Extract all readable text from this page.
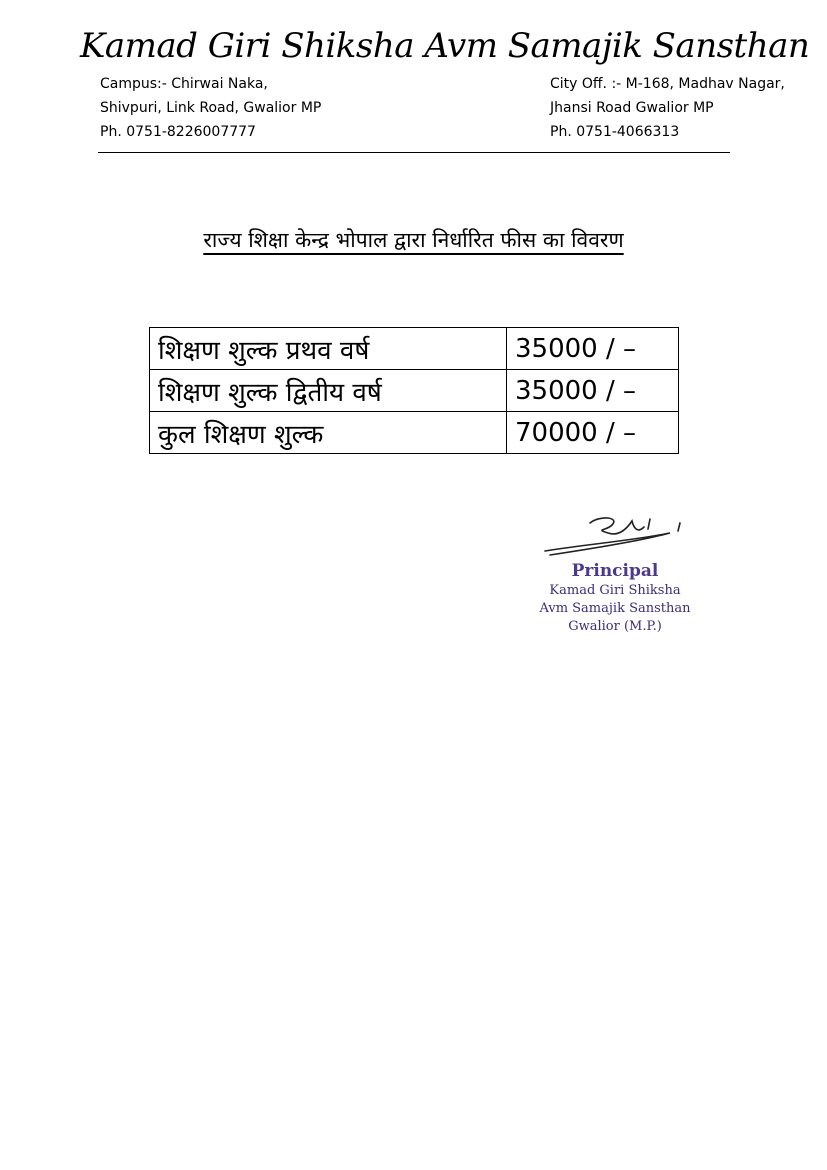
Kamad Giri Shiksha Avm Samajik Sansthan
Campus:- Chirwai Naka,
Shivpuri, Link Road, Gwalior MP
Ph. 0751-8226007777
City Off. :- M-168, Madhav Nagar,
Jhansi Road Gwalior MP
Ph. 0751-4066313
राज्य शिक्षा केन्द्र भोपाल द्वारा निर्धारित फीस का विवरण
शिक्षण शुल्क प्रथव वर्ष	35000 / –
शिक्षण शुल्क द्वितीय वर्ष	35000 / –
कुल शिक्षण शुल्क	70000 / –
Principal
Kamad Giri Shiksha
Avm Samajik Sansthan
Gwalior (M.P.)
